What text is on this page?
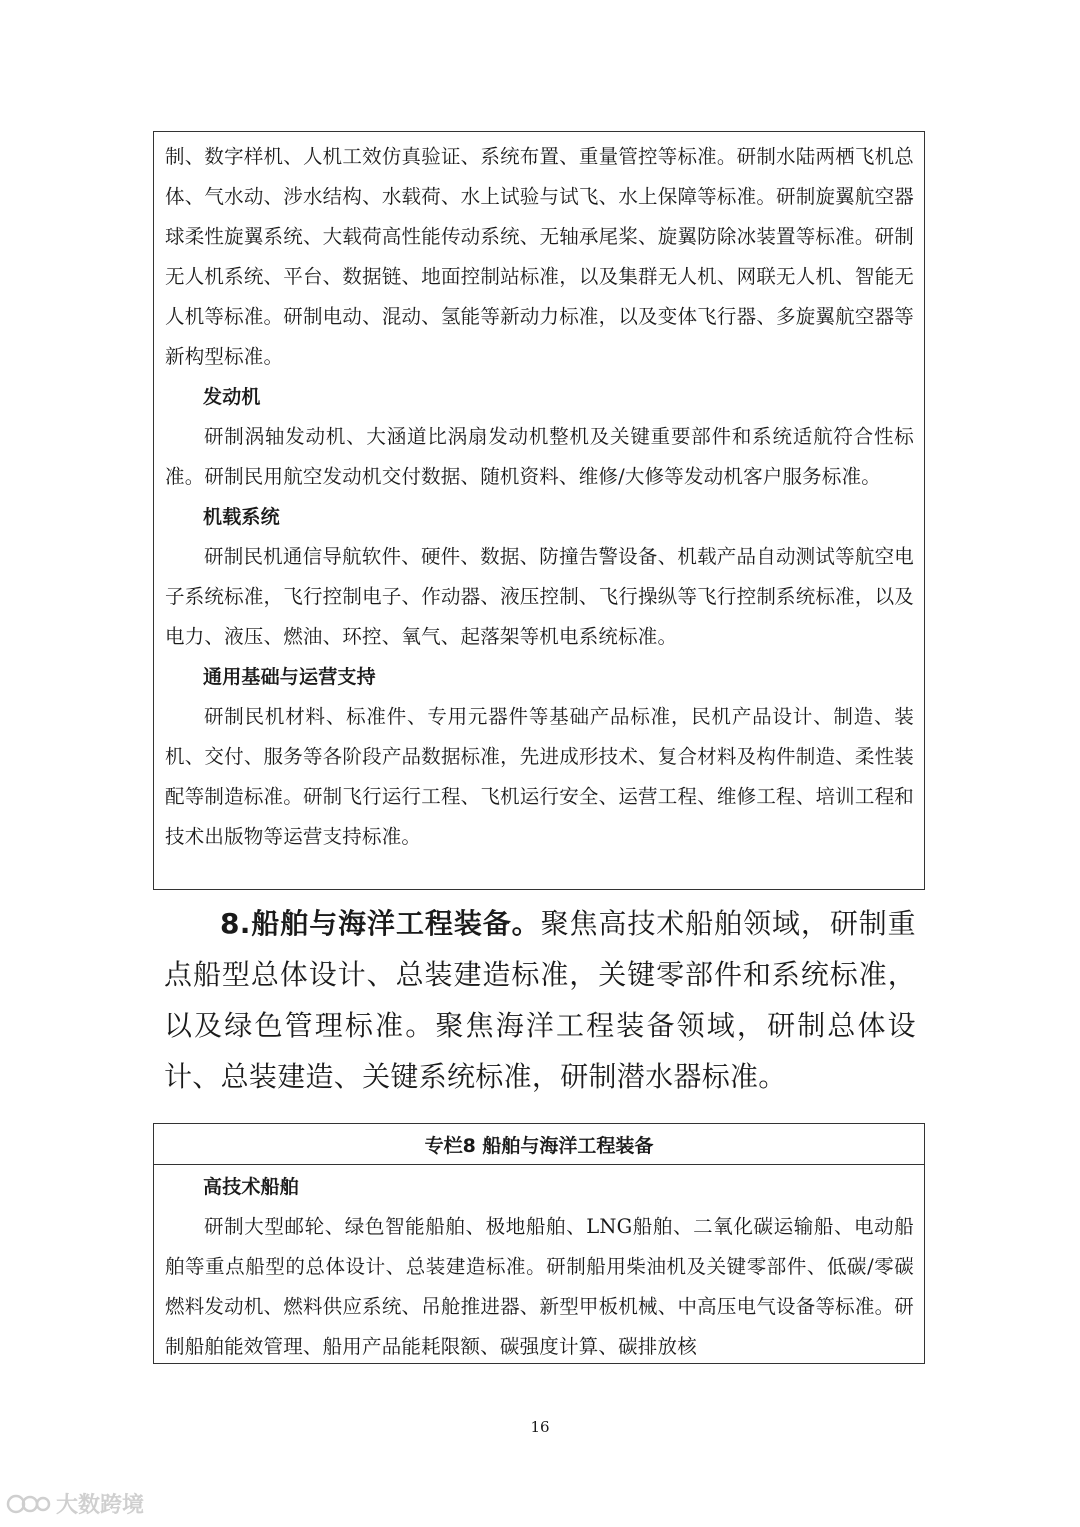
制、数字样机、人机工效仿真验证、系统布置、重量管控等标准。研制水陆两栖飞机总体、气水动、涉水结构、水载荷、水上试验与试飞、水上保障等标准。研制旋翼航空器球柔性旋翼系统、大载荷高性能传动系统、无轴承尾桨、旋翼防除冰装置等标准。研制无人机系统、平台、数据链、地面控制站标准，以及集群无人机、网联无人机、智能无人机等标准。研制电动、混动、氢能等新动力标准，以及变体飞行器、多旋翼航空器等新构型标准。

发动机

研制涡轴发动机、大涵道比涡扇发动机整机及关键重要部件和系统适航符合性标准。研制民用航空发动机交付数据、随机资料、维修/大修等发动机客户服务标准。

机载系统

研制民机通信导航软件、硬件、数据、防撞告警设备、机载产品自动测试等航空电子系统标准，飞行控制电子、作动器、液压控制、飞行操纵等飞行控制系统标准，以及电力、液压、燃油、环控、氧气、起落架等机电系统标准。

通用基础与运营支持

研制民机材料、标准件、专用元器件等基础产品标准，民机产品设计、制造、装机、交付、服务等各阶段产品数据标准，先进成形技术、复合材料及构件制造、柔性装配等制造标准。研制飞行运行工程、飞机运行安全、运营工程、维修工程、培训工程和技术出版物等运营支持标准。

8.船舶与海洋工程装备。聚焦高技术船舶领域，研制重点船型总体设计、总装建造标准，关键零部件和系统标准，以及绿色管理标准。聚焦海洋工程装备领域，研制总体设计、总装建造、关键系统标准，研制潜水器标准。

专栏8 船舶与海洋工程装备

高技术船舶

研制大型邮轮、绿色智能船舶、极地船舶、LNG船舶、二氧化碳运输船、电动船舶等重点船型的总体设计、总装建造标准。研制船用柴油机及关键零部件、低碳/零碳燃料发动机、燃料供应系统、吊舱推进器、新型甲板机械、中高压电气设备等标准。研制船舶能效管理、船用产品能耗限额、碳强度计算、碳排放核

16
大数跨境
